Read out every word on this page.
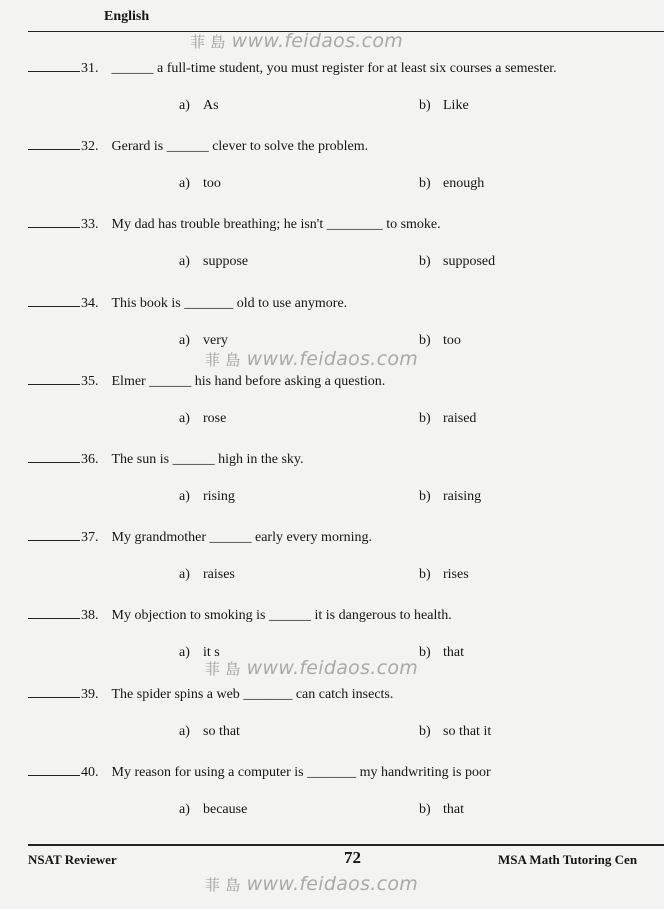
English
菲 島 www.feidaos.com
菲 島 www.feidaos.com
菲 島 www.feidaos.com
菲 島 www.feidaos.com
31. ______ a full-time student, you must register for at least six courses a semester.
a) As	b) Like
32. Gerard is ______ clever to solve the problem.
a) too	b) enough
33. My dad has trouble breathing; he isn't ________ to smoke.
a) suppose	b) supposed
34. This book is _______ old to use anymore.
a) very	b) too
35. Elmer ______ his hand before asking a question.
a) rose	b) raised
36. The sun is ______ high in the sky.
a) rising	b) raising
37. My grandmother ______ early every morning.
a) raises	b) rises
38. My objection to smoking is ______ it is dangerous to health.
a) it s	b) that
39. The spider spins a web _______ can catch insects.
a) so that	b) so that it
40. My reason for using a computer is _______ my handwriting is poor
a) because	b) that
NSAT Reviewer	72	MSA Math Tutoring Cen
